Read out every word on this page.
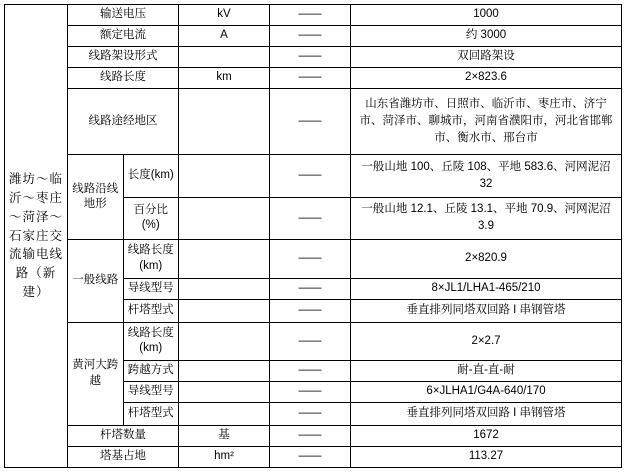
潍坊～临沂～枣庄～菏泽～石家庄交流输电线路（新建）	输送电压		kV	——	1000
	额定电流		A	——	约 3000
	线路架设形式			——	双回路架设
	线路长度		km	——	2×823.6
	线路途经地区			——	山东省潍坊市、日照市、临沂市、枣庄市、济宁市、菏泽市、聊城市，河南省濮阳市，河北省邯郸市、衡水市、邢台市
	线路沿线地形	长度(km)		——	一般山地 100、丘陵 108、平地 583.6、河网泥沼 32
		百分比(%)		——	一般山地 12.1、丘陵 13.1、平地 70.9、河网泥沼 3.9
	一般线路	线路长度(km)		——	2×820.9
		导线型号		——	8×JL1/LHA1-465/210
		杆塔型式		——	垂直排列同塔双回路 I 串钢管塔
	黄河大跨越	线路长度(km)		——	2×2.7
		跨越方式		——	耐-直-直-耐
		导线型号		——	6×JLHA1/G4A-640/170
		杆塔型式		——	垂直排列同塔双回路 I 串钢管塔
	杆塔数量		基	——	1672
	塔基占地		hm²	——	113.27
